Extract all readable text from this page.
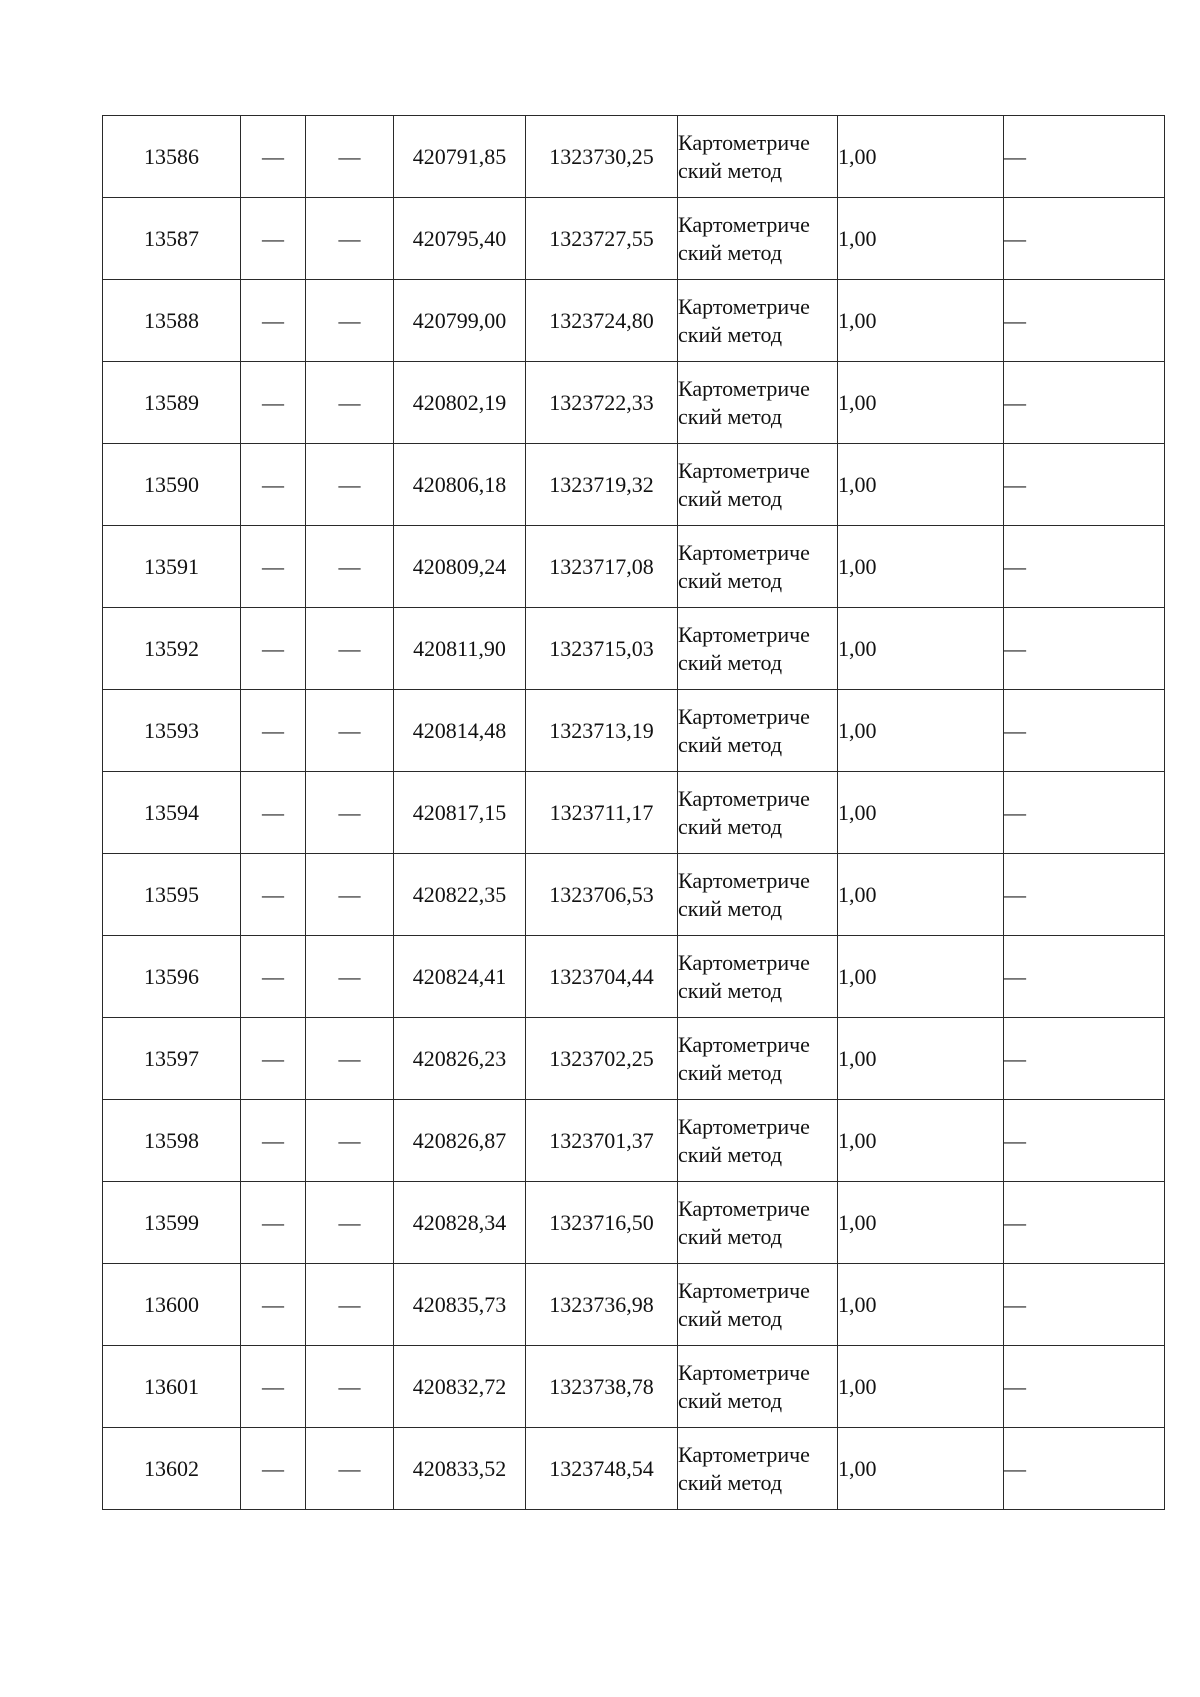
13586	—	—	420791,85	1323730,25	Картометрический метод	1,00	—
13587	—	—	420795,40	1323727,55	Картометрический метод	1,00	—
13588	—	—	420799,00	1323724,80	Картометрический метод	1,00	—
13589	—	—	420802,19	1323722,33	Картометрический метод	1,00	—
13590	—	—	420806,18	1323719,32	Картометрический метод	1,00	—
13591	—	—	420809,24	1323717,08	Картометрический метод	1,00	—
13592	—	—	420811,90	1323715,03	Картометрический метод	1,00	—
13593	—	—	420814,48	1323713,19	Картометрический метод	1,00	—
13594	—	—	420817,15	1323711,17	Картометрический метод	1,00	—
13595	—	—	420822,35	1323706,53	Картометрический метод	1,00	—
13596	—	—	420824,41	1323704,44	Картометрический метод	1,00	—
13597	—	—	420826,23	1323702,25	Картометрический метод	1,00	—
13598	—	—	420826,87	1323701,37	Картометрический метод	1,00	—
13599	—	—	420828,34	1323716,50	Картометрический метод	1,00	—
13600	—	—	420835,73	1323736,98	Картометрический метод	1,00	—
13601	—	—	420832,72	1323738,78	Картометрический метод	1,00	—
13602	—	—	420833,52	1323748,54	Картометрический метод	1,00	—
